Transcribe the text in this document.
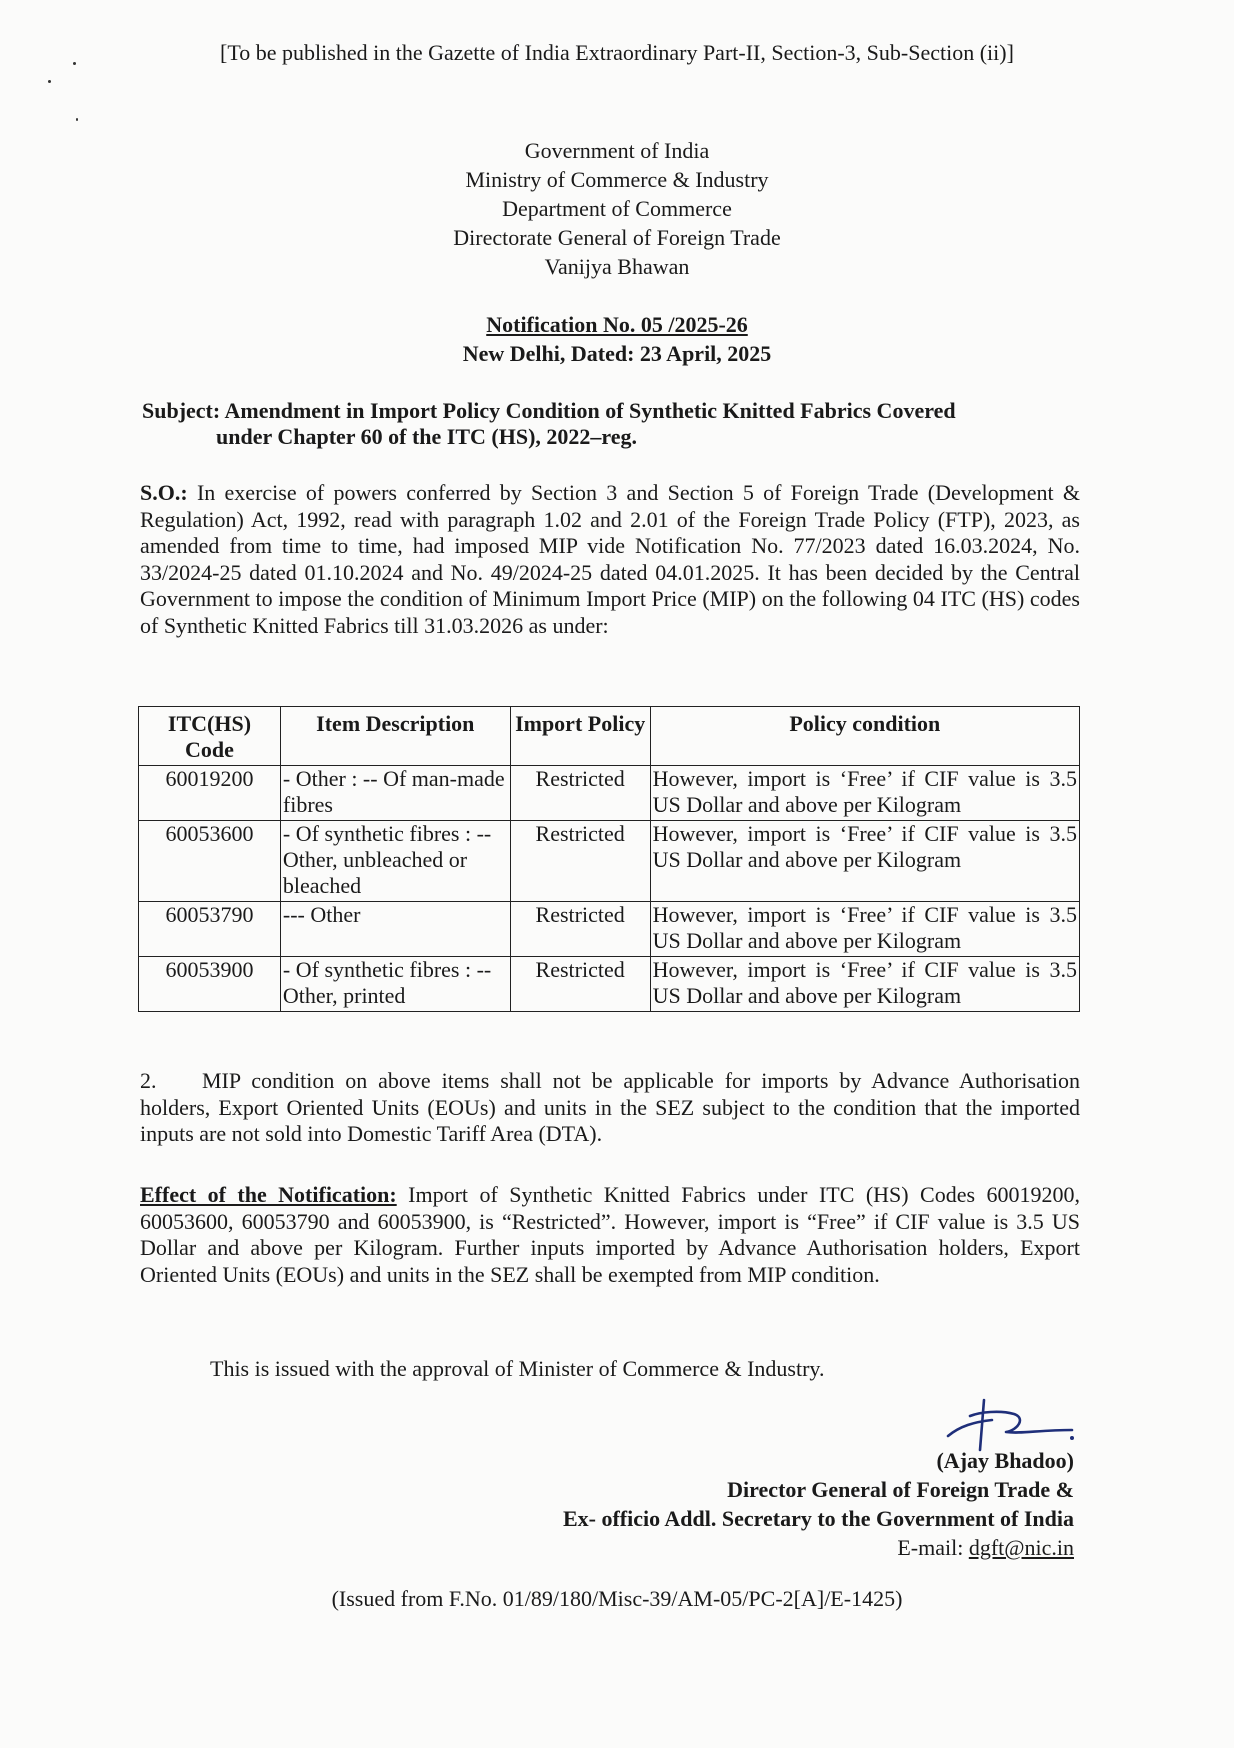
[To be published in the Gazette of India Extraordinary Part-II, Section-3, Sub-Section (ii)]
Government of India
Ministry of Commerce & Industry
Department of Commerce
Directorate General of Foreign Trade
Vanijya Bhawan
Notification No. 05 /2025-26
New Delhi, Dated: 23 April, 2025
Subject: Amendment in Import Policy Condition of Synthetic Knitted Fabrics Covered
under Chapter 60 of the ITC (HS), 2022–reg.
S.O.: In exercise of powers conferred by Section 3 and Section 5 of Foreign Trade (Development & Regulation) Act, 1992, read with paragraph 1.02 and 2.01 of the Foreign Trade Policy (FTP), 2023, as amended from time to time, had imposed MIP vide Notification No. 77/2023 dated 16.03.2024, No. 33/2024-25 dated 01.10.2024 and No. 49/2024-25 dated 04.01.2025. It has been decided by the Central Government to impose the condition of Minimum Import Price (MIP) on the following 04 ITC (HS) codes of Synthetic Knitted Fabrics till 31.03.2026 as under:
ITC(HS) Code	Item Description	Import Policy	Policy condition
60019200	- Other : -- Of man-made fibres	Restricted	However, import is ‘Free’ if CIF value is 3.5 US Dollar and above per Kilogram
60053600	- Of synthetic fibres : -- Other, unbleached or bleached	Restricted	However, import is ‘Free’ if CIF value is 3.5 US Dollar and above per Kilogram
60053790	--- Other	Restricted	However, import is ‘Free’ if CIF value is 3.5 US Dollar and above per Kilogram
60053900	- Of synthetic fibres : -- Other, printed	Restricted	However, import is ‘Free’ if CIF value is 3.5 US Dollar and above per Kilogram
2. MIP condition on above items shall not be applicable for imports by Advance Authorisation holders, Export Oriented Units (EOUs) and units in the SEZ subject to the condition that the imported inputs are not sold into Domestic Tariff Area (DTA).
Effect of the Notification: Import of Synthetic Knitted Fabrics under ITC (HS) Codes 60019200, 60053600, 60053790 and 60053900, is “Restricted”. However, import is “Free” if CIF value is 3.5 US Dollar and above per Kilogram. Further inputs imported by Advance Authorisation holders, Export Oriented Units (EOUs) and units in the SEZ shall be exempted from MIP condition.
This is issued with the approval of Minister of Commerce & Industry.
(Ajay Bhadoo)
Director General of Foreign Trade &
Ex- officio Addl. Secretary to the Government of India
E-mail: dgft@nic.in
(Issued from F.No. 01/89/180/Misc-39/AM-05/PC-2[A]/E-1425)
